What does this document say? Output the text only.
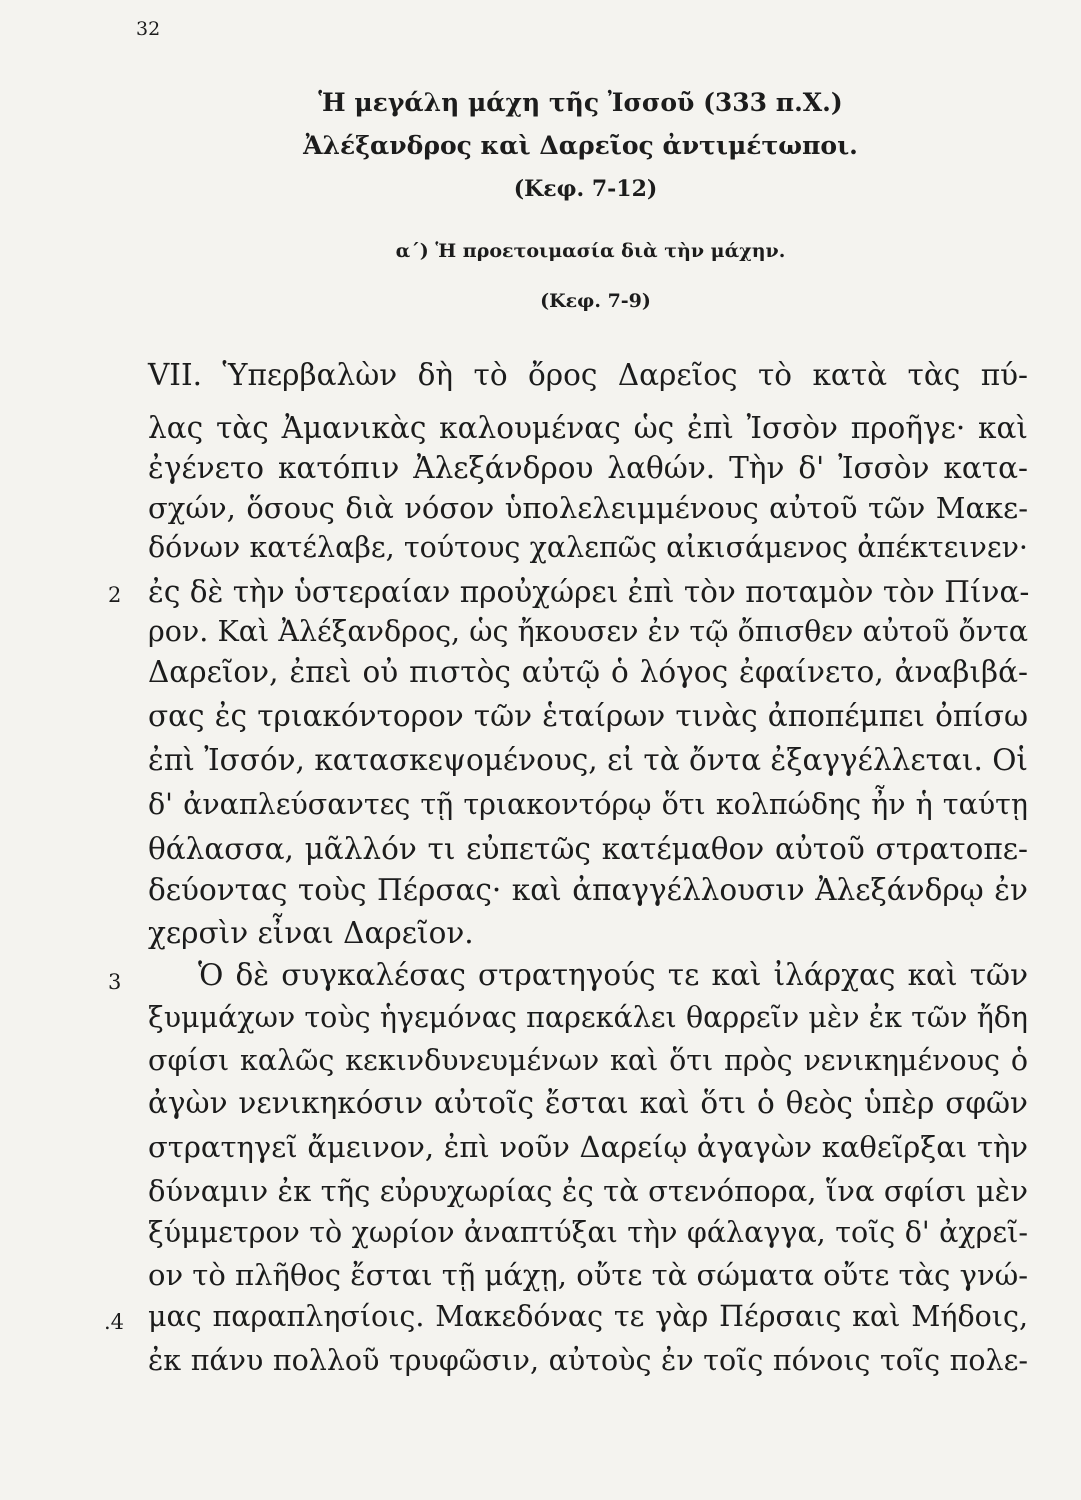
32
Ἡ μεγάλη μάχη τῆς Ἰσσοῦ (333 π.Χ.)
Ἀλέξανδρος καὶ Δαρεῖος ἀντιμέτωποι.
(Κεφ. 7-12)
α΄) Ἡ προετοιμασία διὰ τὴν μάχην.
(Κεφ. 7-9)
VII. Ὑπερβαλὼν δὴ τὸ ὄρος Δαρεῖος τὸ κατὰ τὰς πύ-
λας τὰς Ἀμανικὰς καλουμένας ὡς ἐπὶ Ἰσσὸν προῆγε· καὶ
ἐγένετο κατόπιν Ἀλεξάνδρου λαθών. Τὴν δ' Ἰσσὸν κατα-
σχών, ὅσους διὰ νόσον ὑπολελειμμένους αὐτοῦ τῶν Μακε-
δόνων κατέλαβε, τούτους χαλεπῶς αἰκισάμενος ἀπέκτεινεν·
2 ἐς δὲ τὴν ὑστεραίαν προὐχώρει ἐπὶ τὸν ποταμὸν τὸν Πίνα-
ρον. Καὶ Ἀλέξανδρος, ὡς ἤκουσεν ἐν τῷ ὄπισθεν αὐτοῦ ὄντα
Δαρεῖον, ἐπεὶ οὐ πιστὸς αὐτῷ ὁ λόγος ἐφαίνετο, ἀναβιβά-
σας ἐς τριακόντορον τῶν ἑταίρων τινὰς ἀποπέμπει ὀπίσω
ἐπὶ Ἰσσόν, κατασκεψομένους, εἰ τὰ ὄντα ἐξαγγέλλεται. Οἱ
δ' ἀναπλεύσαντες τῇ τριακοντόρῳ ὅτι κολπώδης ἦν ἡ ταύτῃ
θάλασσα, μᾶλλόν τι εὐπετῶς κατέμαθον αὐτοῦ στρατοπε-
δεύοντας τοὺς Πέρσας· καὶ ἀπαγγέλλουσιν Ἀλεξάνδρῳ ἐν
χερσὶν εἶναι Δαρεῖον.
3	Ὁ δὲ συγκαλέσας στρατηγούς τε καὶ ἰλάρχας καὶ τῶν
ξυμμάχων τοὺς ἡγεμόνας παρεκάλει θαρρεῖν μὲν ἐκ τῶν ἤδη
σφίσι καλῶς κεκινδυνευμένων καὶ ὅτι πρὸς νενικημένους ὁ
ἀγὼν νενικηκόσιν αὐτοῖς ἔσται καὶ ὅτι ὁ θεὸς ὑπὲρ σφῶν
στρατηγεῖ ἄμεινον, ἐπὶ νοῦν Δαρείῳ ἀγαγὼν καθεῖρξαι τὴν
δύναμιν ἐκ τῆς εὐρυχωρίας ἐς τὰ στενόπορα, ἵνα σφίσι μὲν
ξύμμετρον τὸ χωρίον ἀναπτύξαι τὴν φάλαγγα, τοῖς δ' ἀχρεῖ-
ον τὸ πλῆθος ἔσται τῇ μάχῃ, οὔτε τὰ σώματα οὔτε τὰς γνώ-
.4 μας παραπλησίοις. Μακεδόνας τε γὰρ Πέρσαις καὶ Μήδοις,
ἐκ πάνυ πολλοῦ τρυφῶσιν, αὐτοὺς ἐν τοῖς πόνοις τοῖς πολε-
